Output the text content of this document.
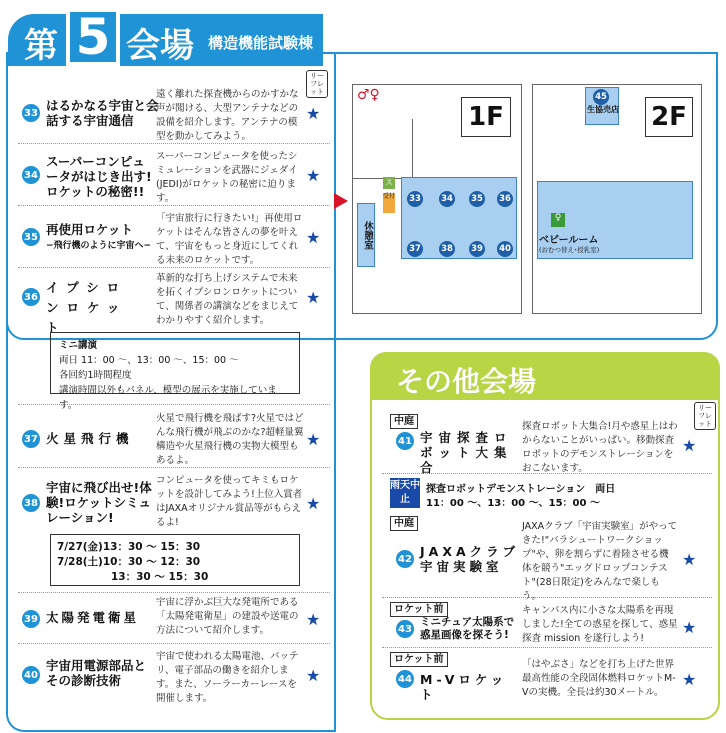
第 5 会場 構造機能試験棟
リーフレット
33 はるかなる宇宙と会話する宇宙通信
遠く離れた探査機からのかすかな声が聞ける、大型アンテナなどの設備を紹介します。アンテナの模型を動かしてみよう。
★
34
スーパーコンピュータがはじき出す!ロケットの秘密!!
スーパーコンピュータを使ったシミュレーションを武器にジェダイ(JEDI)がロケットの秘密に迫ります。
★
35 再使用ロケット
−飛行機のように宇宙へ−
「宇宙旅行に行きたい!」再使用ロケットはそんな皆さんの夢を叶えて、宇宙をもっと身近にしてくれる未来のロケットです。
★
36
イプシロンロケット
革新的な打ち上げシステムで未来を拓くイプシロンロケットについて、関係者の講演などをまじえてわかりやすく紹介します。
★
ミニ講演
両日 11：00 〜、13：00 〜、15：00 〜
各回約1時間程度
講演時間以外もパネル、模型の展示を実施しています。
37 火星飛行機
火星で飛行機を飛ばす?火星ではどんな飛行機が飛ぶのかな?超軽量翼構造や火星飛行機の実物大模型もあるよ。
★
38
宇宙に飛び出せ!体験!ロケットシミュレーション!
コンピュータを使ってキミもロケットを設計してみよう!上位入賞者はJAXAオリジナル賞品等がもらえるよ!
★
7/27(金)13：30 〜 15：30
7/28(土)10：30 〜 12：30
13：30 〜 15：30
39 太陽発電衛星
宇宙に浮かぶ巨大な発電所である「太陽発電衛星」の建設や送電の方法について紹介します。
★
40
宇宙用電源部品とその診断技術
宇宙で使われる太陽電池、バッテリ、電子部品の働きを紹介します。また、ソーラーカーレースを開催します。
★
♂♀
1F
休憩室
ス
受付 33 34 35 36
37 38 39 40
45
生協売店 2F
♀
ベビールーム
(おむつ替え･授乳室)
その他会場
リーフレット
中庭
41 宇宙探査ロボット大集合
探査ロボット大集合!月や惑星上はわからないことがいっぱい。移動探査ロボットのデモンストレーションをおこないます。
★
雨天中止
探査ロボットデモンストレーション　両日
11：00 〜、13：00 〜、15：00 〜
中庭
42 JAXAクラブ宇宙実験室
JAXAクラブ「宇宙実験室」がやってきた!"バラシュートワークショップ"や、卵を割らずに着陸させる機体を競う"エッグドロップコンテスト"(28日限定)をみんなで楽しもう。
★
ロケット前
43
ミニチュア太陽系で惑星画像を探そう!
キャンパス内に小さな太陽系を再現しました!全ての惑星を探して、惑星探査 mission を遂行しよう!
★
ロケット前
44 M-Vロケット
「はやぶさ」などを打ち上げた世界最高性能の全段固体燃料ロケットM-Vの実機。全長は約30メートル。
★
